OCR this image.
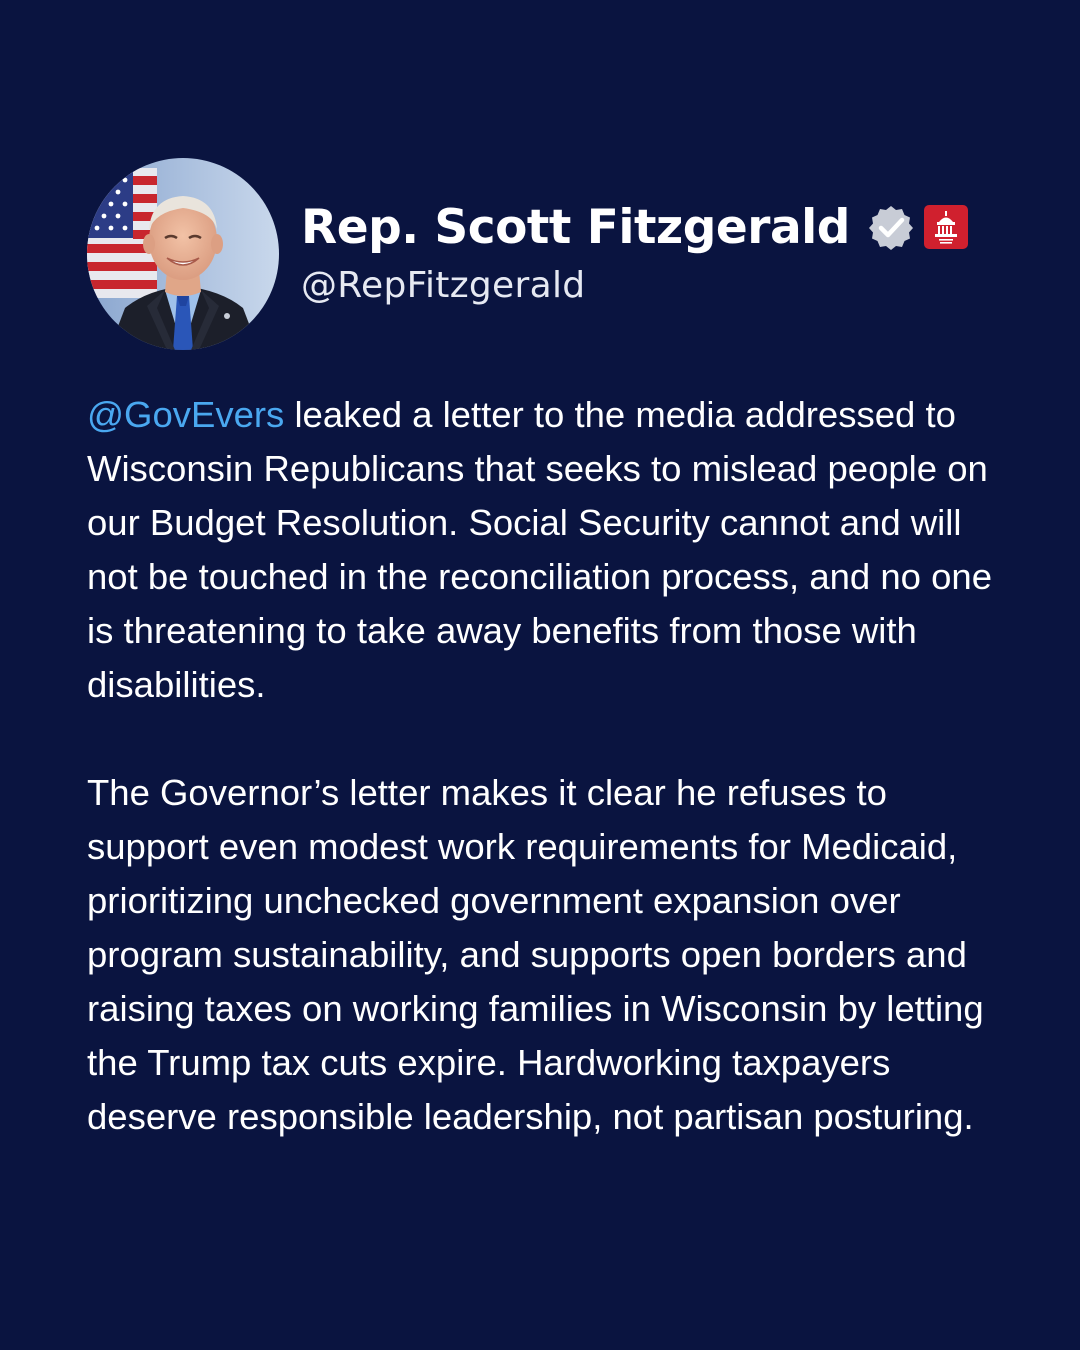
Rep. Scott Fitzgerald
@RepFitzgerald

@GovEvers leaked a letter to the media addressed to Wisconsin Republicans that seeks to mislead people on our Budget Resolution. Social Security cannot and will not be touched in the reconciliation process, and no one is threatening to take away benefits from those with disabilities.

The Governor’s letter makes it clear he refuses to support even modest work requirements for Medicaid, prioritizing unchecked government expansion over program sustainability, and supports open borders and raising taxes on working families in Wisconsin by letting the Trump tax cuts expire. Hardworking taxpayers deserve responsible leadership, not partisan posturing.
